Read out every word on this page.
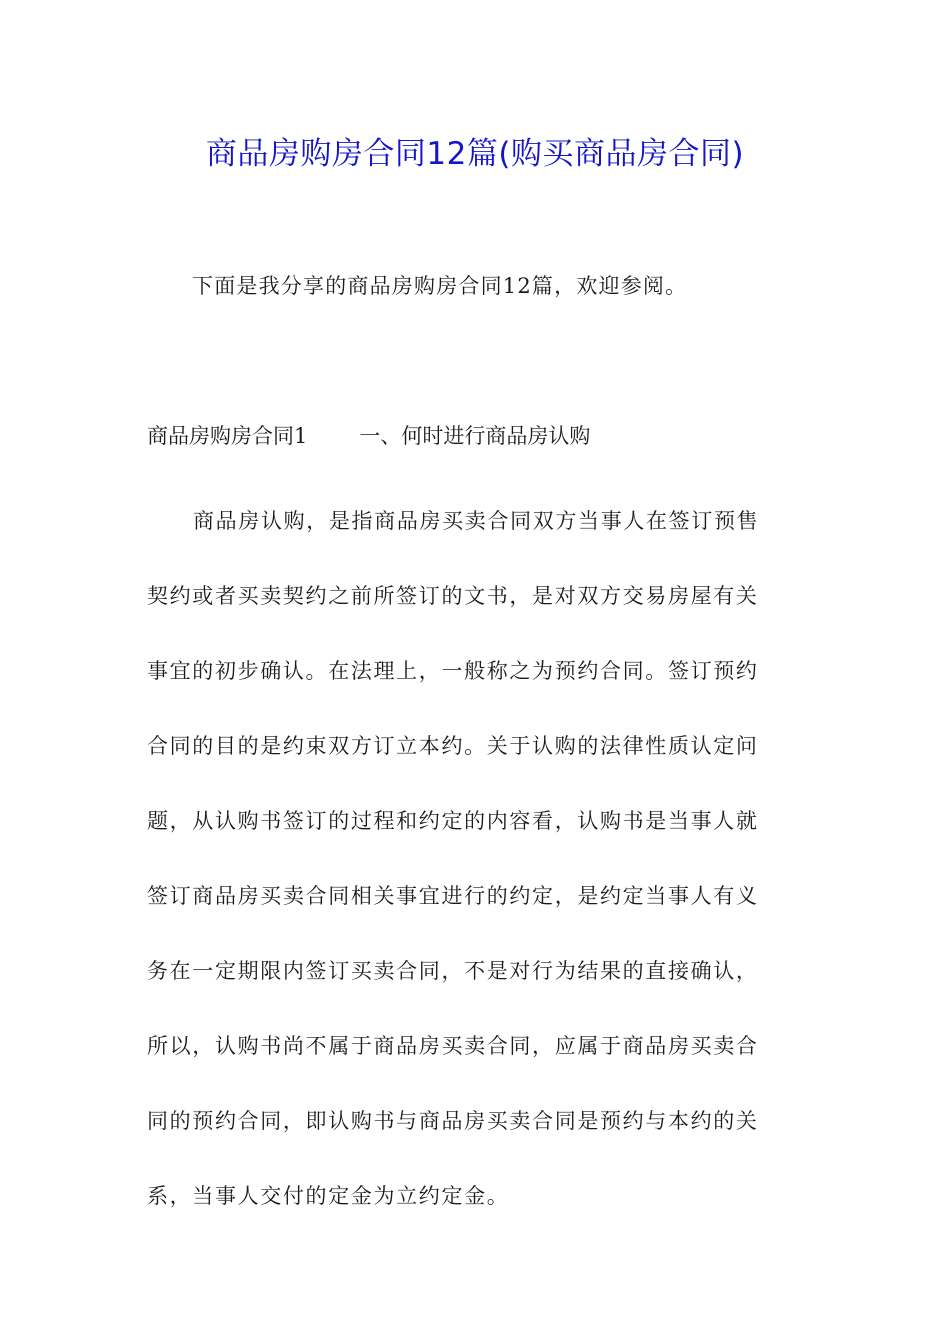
商品房购房合同12篇(购买商品房合同)
下面是我分享的商品房购房合同12篇，欢迎参阅。
商品房购房合同1 一、何时进行商品房认购
商品房认购，是指商品房买卖合同双方当事人在签订预售
契约或者买卖契约之前所签订的文书，是对双方交易房屋有关
事宜的初步确认。在法理上，一般称之为预约合同。签订预约
合同的目的是约束双方订立本约。关于认购的法律性质认定问
题，从认购书签订的过程和约定的内容看，认购书是当事人就
签订商品房买卖合同相关事宜进行的约定，是约定当事人有义
务在一定期限内签订买卖合同，不是对行为结果的直接确认，
所以，认购书尚不属于商品房买卖合同，应属于商品房买卖合
同的预约合同，即认购书与商品房买卖合同是预约与本约的关
系，当事人交付的定金为立约定金。
